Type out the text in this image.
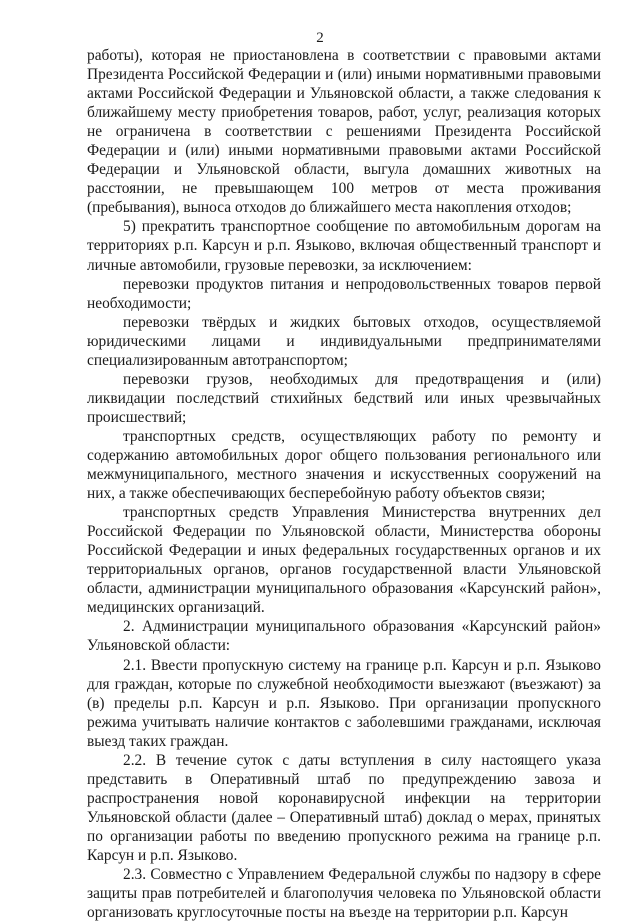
2

работы), которая не приостановлена в соответствии с правовыми актами Президента Российской Федерации и (или) иными нормативными правовыми актами Российской Федерации и Ульяновской области, а также следования к ближайшему месту приобретения товаров, работ, услуг, реализация которых не ограничена в соответствии с решениями Президента Российской Федерации и (или) иными нормативными правовыми актами Российской Федерации и Ульяновской области, выгула домашних животных на расстоянии, не превышающем 100 метров от места проживания (пребывания), выноса отходов до ближайшего места накопления отходов;

5) прекратить транспортное сообщение по автомобильным дорогам на территориях р.п. Карсун и р.п. Языково, включая общественный транспорт и личные автомобили, грузовые перевозки, за исключением:

перевозки продуктов питания и непродовольственных товаров первой необходимости;

перевозки твёрдых и жидких бытовых отходов, осуществляемой юридическими лицами и индивидуальными предпринимателями специализированным автотранспортом;

перевозки грузов, необходимых для предотвращения и (или) ликвидации последствий стихийных бедствий или иных чрезвычайных происшествий;

транспортных средств, осуществляющих работу по ремонту и содержанию автомобильных дорог общего пользования регионального или межмуниципального, местного значения и искусственных сооружений на них, а также обеспечивающих бесперебойную работу объектов связи;

транспортных средств Управления Министерства внутренних дел Российской Федерации по Ульяновской области, Министерства обороны Российской Федерации и иных федеральных государственных органов и их территориальных органов, органов государственной власти Ульяновской области, администрации муниципального образования «Карсунский район», медицинских организаций.

2. Администрации муниципального образования «Карсунский район» Ульяновской области:

2.1. Ввести пропускную систему на границе р.п. Карсун и р.п. Языково для граждан, которые по служебной необходимости выезжают (въезжают) за (в) пределы р.п. Карсун и р.п. Языково. При организации пропускного режима учитывать наличие контактов с заболевшими гражданами, исключая выезд таких граждан.

2.2. В течение суток с даты вступления в силу настоящего указа представить в Оперативный штаб по предупреждению завоза и распространения новой коронавирусной инфекции на территории Ульяновской области (далее – Оперативный штаб) доклад о мерах, принятых по организации работы по введению пропускного режима на границе р.п. Карсун и р.п. Языково.

2.3. Совместно с Управлением Федеральной службы по надзору в сфере защиты прав потребителей и благополучия человека по Ульяновской области организовать круглосуточные посты на въезде на территории р.п. Карсун
